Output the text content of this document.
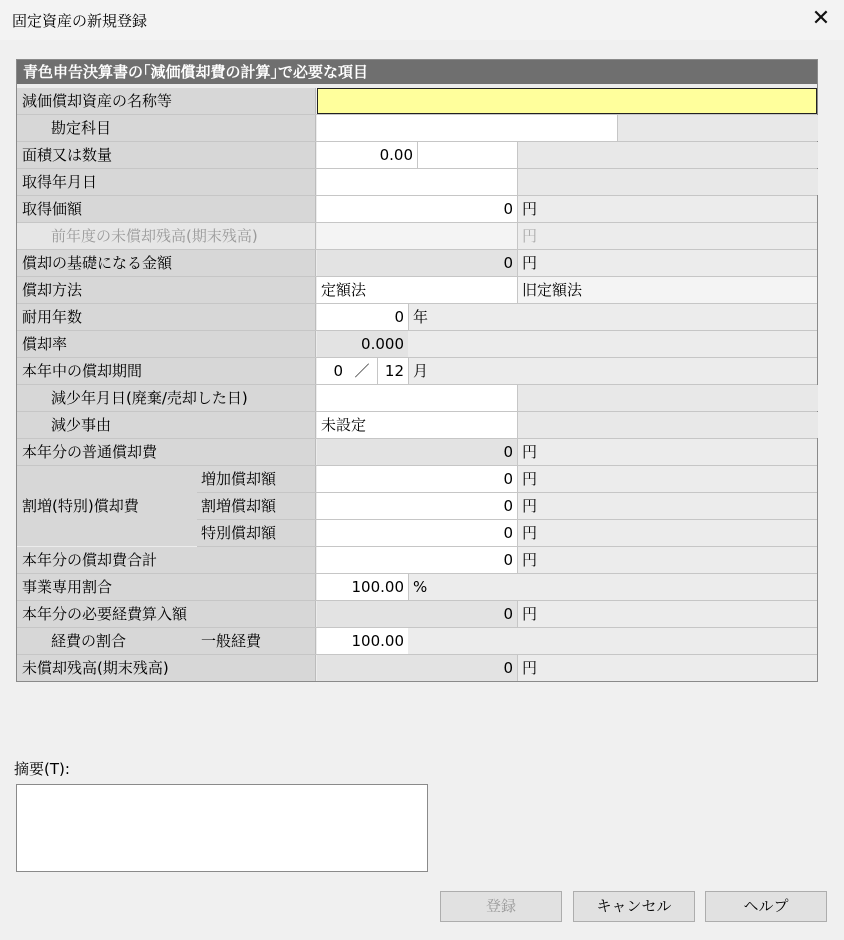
固定資産の新規登録	✕
青色申告決算書の｢減価償却費の計算｣で必要な項目
減価償却資産の名称等
勘定科目
面積又は数量	0.00
取得年月日
取得価額	0 円
前年度の未償却残高(期末残高)	円
償却の基礎になる金額	0 円
償却方法	定額法	旧定額法
耐用年数	0 年
償却率	0.000
本年中の償却期間	0 ／	12 月
減少年月日(廃棄/売却した日)
減少事由	未設定
本年分の普通償却費	0 円
割増(特別)償却費
増加償却額	0 円
割増償却額	0 円
特別償却額	0 円
本年分の償却費合計	0 円
事業専用割合	100.00 %
本年分の必要経費算入額	0 円
経費の割合	一般経費	100.00
未償却残高(期末残高)	0 円
摘要(T):
登録	キャンセル	ヘルプ
